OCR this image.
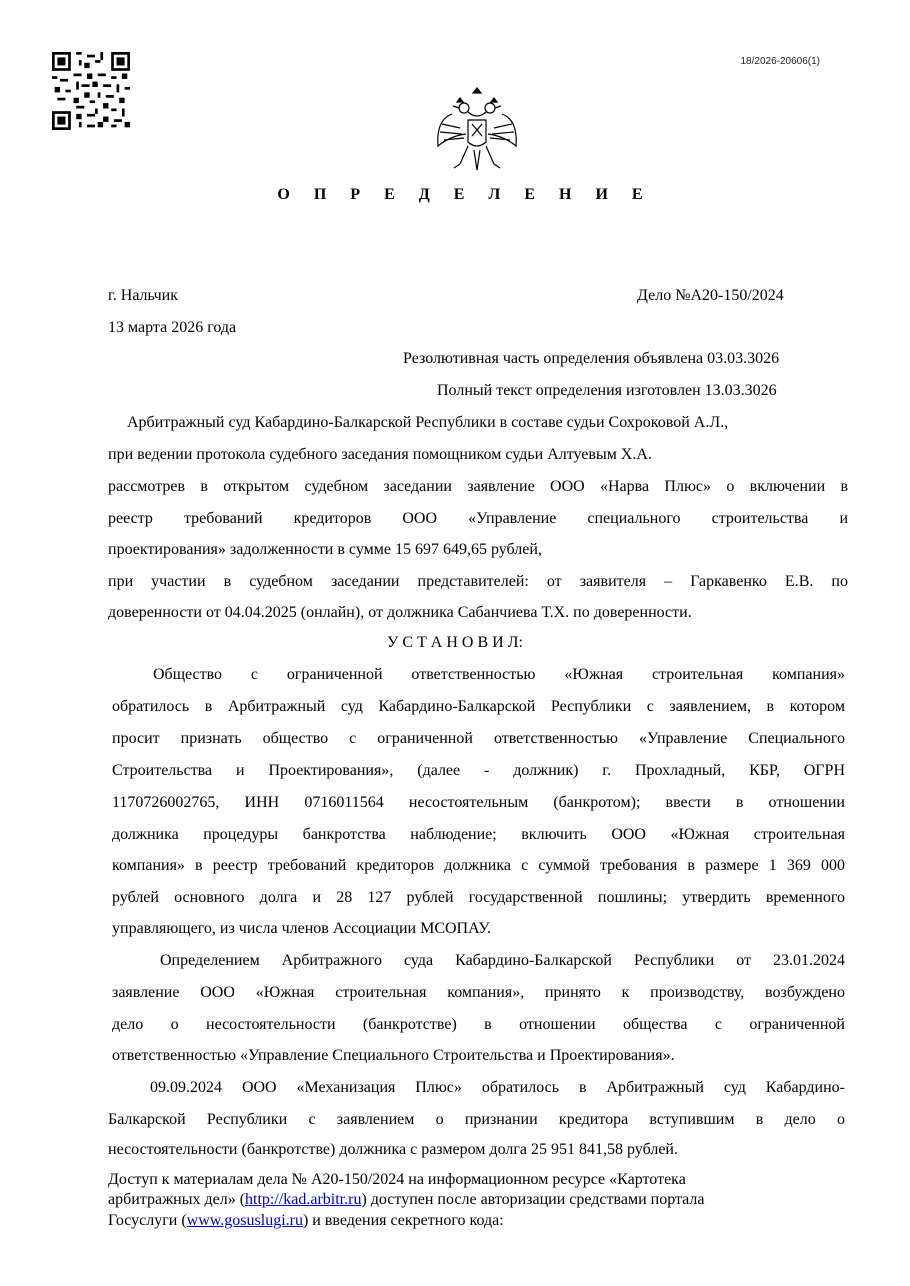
18/2026-20606(1)
О П Р Е Д Е Л Е Н И Е
г. Нальчик	Дело №А20-150/2024
13 марта 2026 года
Резолютивная часть определения объявлена 03.03.3026
Полный текст определения изготовлен 13.03.3026
Арбитражный суд Кабардино-Балкарской Республики в составе судьи Сохроковой А.Л.,
при ведении протокола судебного заседания помощником судьи Алтуевым Х.А.
рассмотрев в открытом судебном заседании заявление ООО «Нарва Плюс» о включении в
реестр требований кредиторов ООО «Управление специального строительства и
проектирования» задолженности в сумме 15 697 649,65 рублей,
при участии в судебном заседании представителей: от заявителя – Гаркавенко Е.В. по
доверенности от 04.04.2025 (онлайн), от должника Сабанчиева Т.Х. по доверенности.
У С Т А Н О В И Л:
Общество с ограниченной ответственностью «Южная строительная компания»
обратилось в Арбитражный суд Кабардино-Балкарской Республики с заявлением, в котором
просит признать общество с ограниченной ответственностью «Управление Специального
Строительства и Проектирования», (далее - должник) г. Прохладный, КБР, ОГРН
1170726002765, ИНН 0716011564 несостоятельным (банкротом); ввести в отношении
должника процедуры банкротства наблюдение; включить ООО «Южная строительная
компания» в реестр требований кредиторов должника с суммой требования в размере 1 369 000
рублей основного долга и 28 127 рублей государственной пошлины; утвердить временного
управляющего, из числа членов Ассоциации МСОПАУ.
Определением Арбитражного суда Кабардино-Балкарской Республики от 23.01.2024
заявление ООО «Южная строительная компания», принято к производству, возбуждено
дело о несостоятельности (банкротстве) в отношении общества с ограниченной
ответственностью «Управление Специального Строительства и Проектирования».
09.09.2024 ООО «Механизация Плюс» обратилось в Арбитражный суд Кабардино-
Балкарской Республики с заявлением о признании кредитора вступившим в дело о
несостоятельности (банкротстве) должника с размером долга 25 951 841,58 рублей.
Доступ к материалам дела № А20-150/2024 на информационном ресурсе «Картотека
арбитражных дел» (http://kad.arbitr.ru) доступен после авторизации средствами портала
Госуслуги (www.gosuslugi.ru) и введения секретного кода:
